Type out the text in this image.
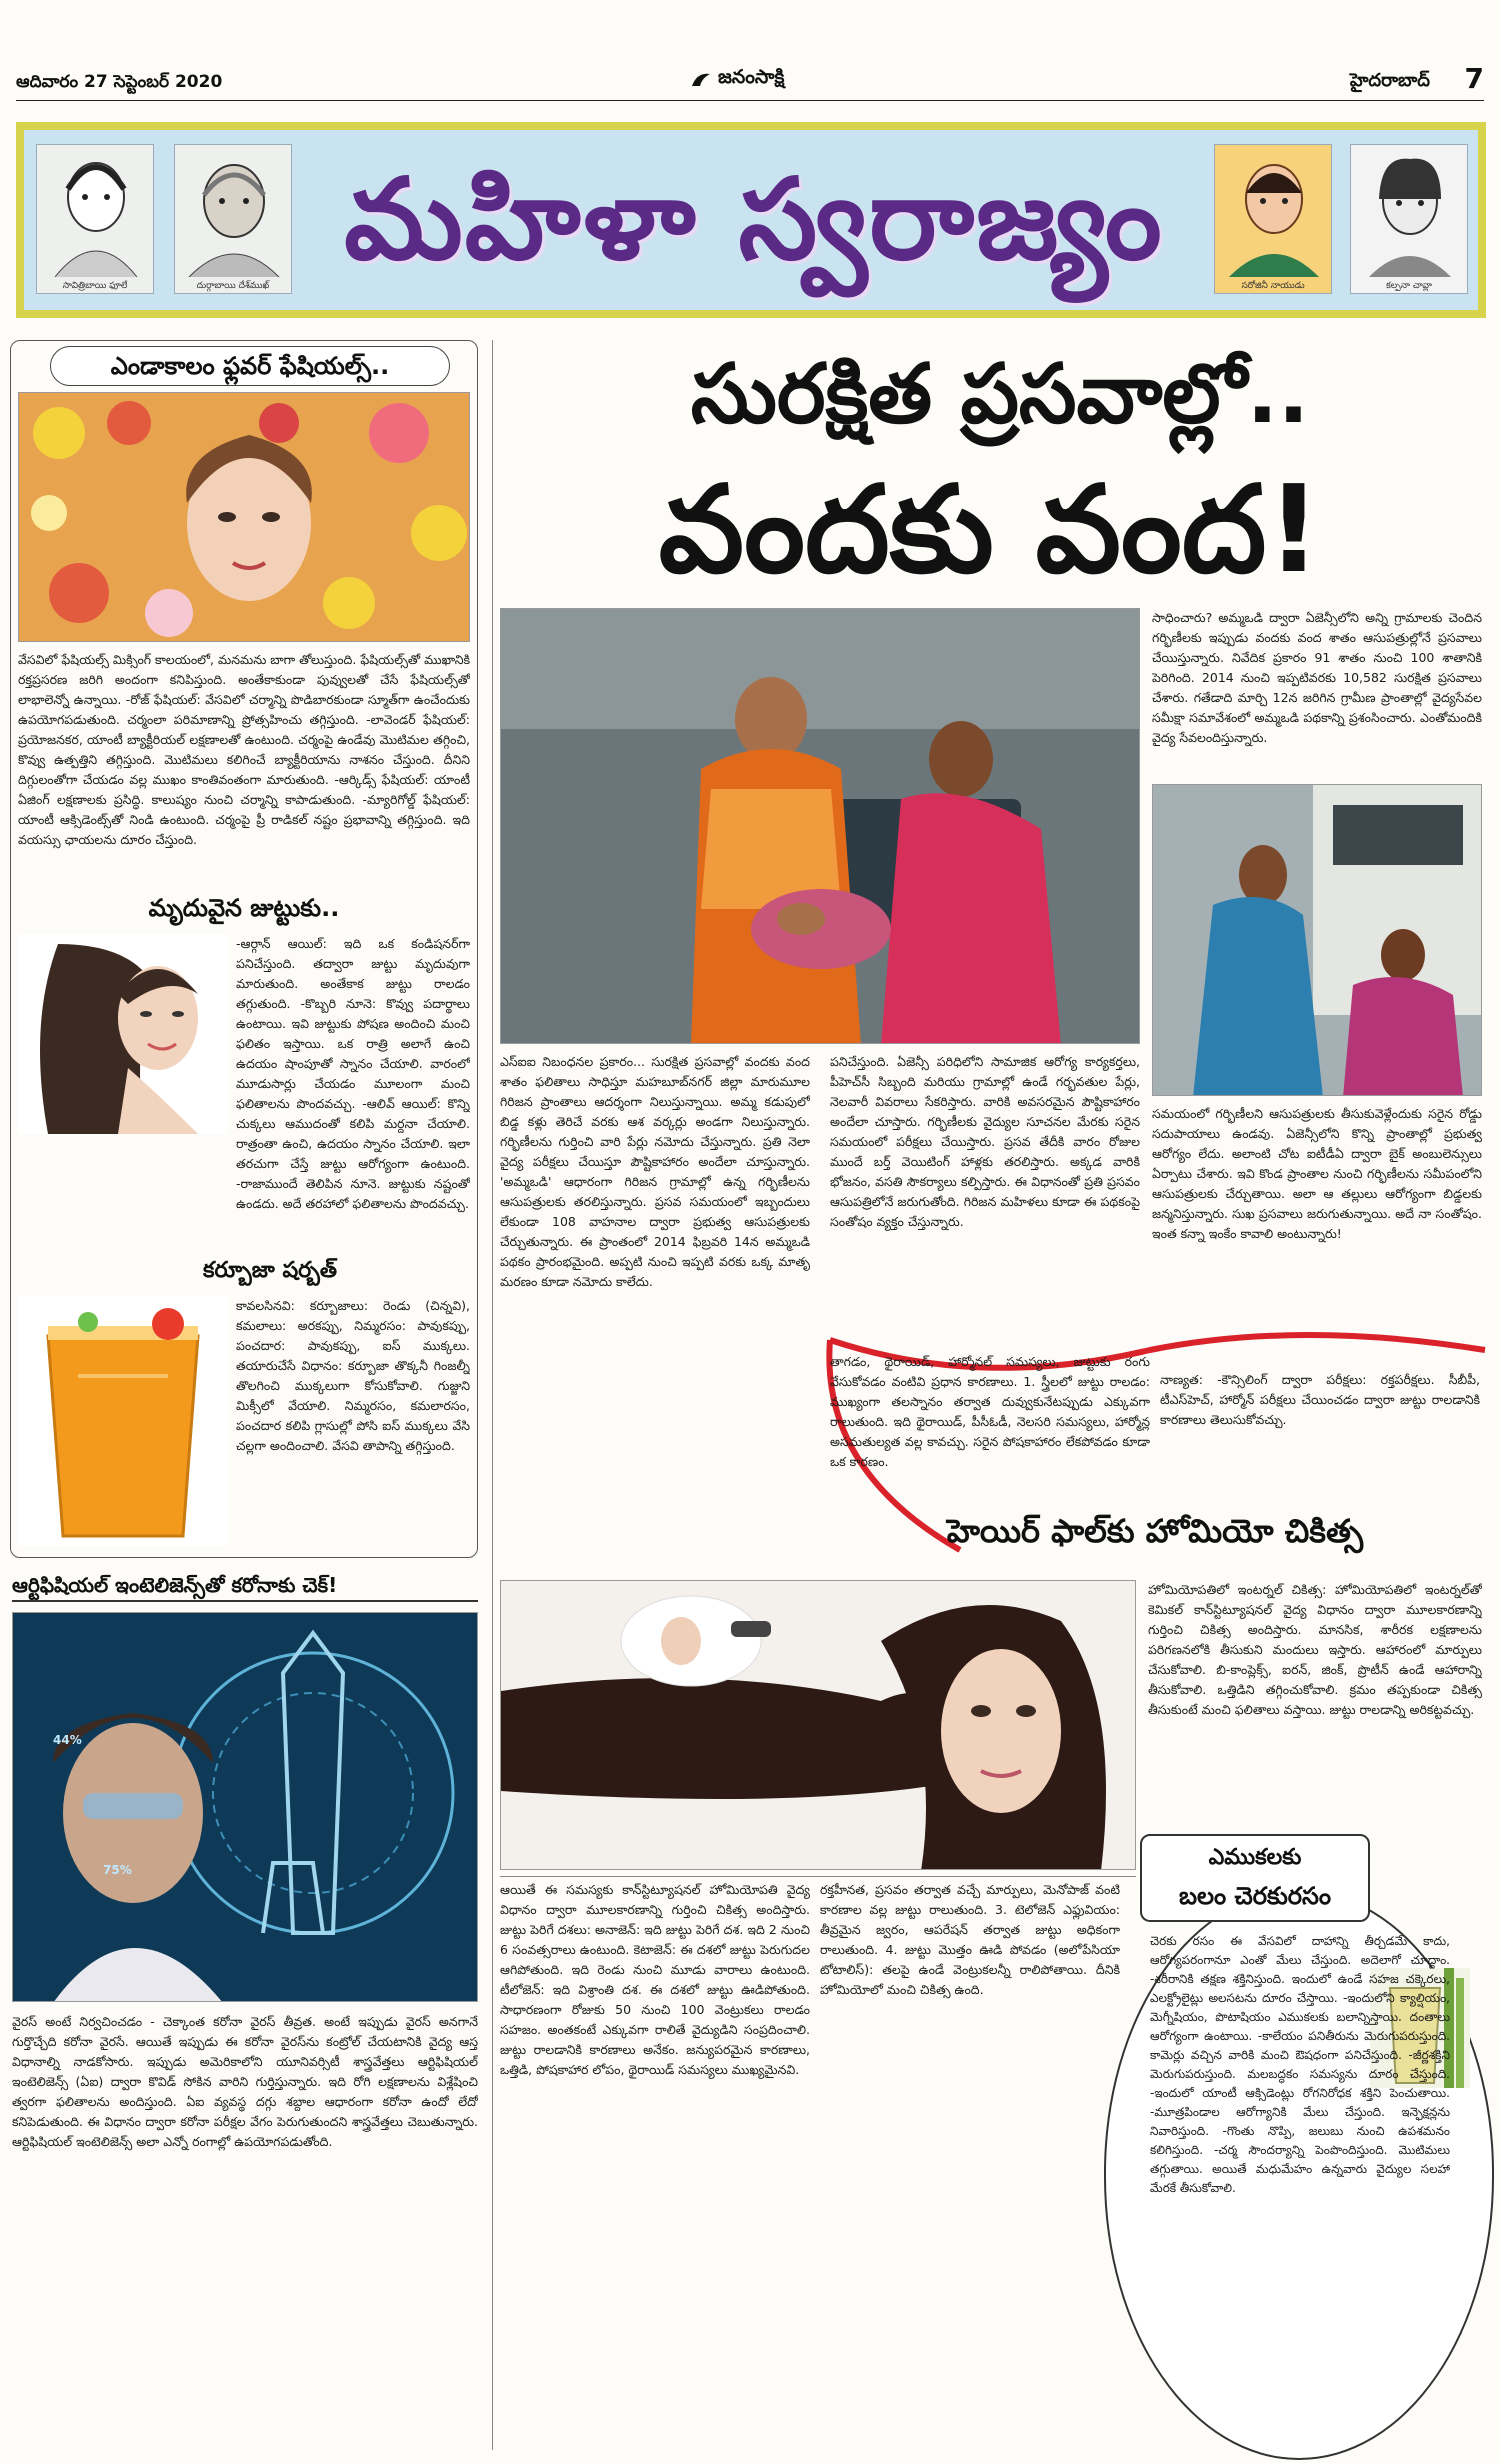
ఆదివారం 27 సెప్టెంబర్ 2020	జనంసాక్షి	హైదరాబాద్ 7
సావిత్రిబాయి ఫూలే	దుర్గాబాయి దేశ్‌ముఖ్
మహిళా స్వరాజ్యం
సరోజినీ నాయుడు	కల్పనా చావ్లా
ఎండాకాలం ఫ్లవర్ ఫేషియల్స్..
వేసవిలో ఫేషియల్స్ మిక్సింగ్ కాలయంలో, మనమను బాగా తోలుస్తుంది. ఫేషియల్స్‌తో ముఖానికి రక్తప్రసరణ జరిగి అందంగా కనిపిస్తుంది. అంతేకాకుండా పువ్వులతో చేసే ఫేషియల్స్‌తో లాభాలెన్నో ఉన్నాయి. -రోజ్ ఫేషియల్: వేసవిలో చర్మాన్ని పొడిబారకుండా స్మూత్‌గా ఉంచేందుకు ఉపయోగపడుతుంది. చర్మంలా పరిమాణాన్ని ప్రోత్సహించు తగ్గిస్తుంది. -లావెండర్ ఫేషియల్: ప్రయోజనకర, యాంటీ బ్యాక్టీరియల్ లక్షణాలతో ఉంటుంది. చర్మంపై ఉండేవు మొటిమల తగ్గించి, కొవ్వు ఉత్పత్తిని తగ్గిస్తుంది. మొటిమలు కలిగించే బ్యాక్టీరియాను నాశనం చేస్తుంది. దీనిని దిగ్గులంతోగా చేయడం వల్ల ముఖం కాంతివంతంగా మారుతుంది. -ఆర్కిడ్స్ ఫేషియల్: యాంటీ ఏజింగ్ లక్షణాలకు ప్రసిద్ధి. కాలుష్యం నుంచి చర్మాన్ని కాపాడుతుంది. -మ్యారిగోల్డ్ ఫేషియల్: యాంటీ ఆక్సిడెంట్స్‌తో నిండి ఉంటుంది. చర్మంపై ప్రీ రాడికల్ నష్టం ప్రభావాన్ని తగ్గిస్తుంది. ఇది వయస్సు ఛాయలను దూరం చేస్తుంది.
మృదువైన జుట్టుకు..
-ఆర్గాన్ ఆయిల్: ఇది ఒక కండిషనర్‌గా పనిచేస్తుంది. తద్వారా జుట్టు మృదువుగా మారుతుంది. అంతేకాక జుట్టు రాలడం తగ్గుతుంది. -కొబ్బరి నూనె: కొవ్వు పదార్థాలు ఉంటాయి. ఇవి జుట్టుకు పోషణ అందించి మంచి ఫలితం ఇస్తాయి. ఒక రాత్రి అలాగే ఉంచి ఉదయం షాంపూతో స్నానం చేయాలి. వారంలో మూడుసార్లు చేయడం మూలంగా మంచి ఫలితాలను పొందవచ్చు. -ఆలివ్ ఆయిల్: కొన్ని చుక్కలు ఆముదంతో కలిపి మర్దనా చేయాలి. రాత్రంతా ఉంచి, ఉదయం స్నానం చేయాలి. ఇలా తరచుగా చేస్తే జుట్టు ఆరోగ్యంగా ఉంటుంది. -రాజాముందే తెలిపిన నూనె. జుట్టుకు నష్టంతో ఉండదు. అదే తరహాలో ఫలితాలను పొందవచ్చు.
కర్బూజా షర్బత్
కావలసినవి: కర్బూజాలు: రెండు (చిన్నవి), కమలాలు: అరకప్పు, నిమ్మరసం: పావుకప్పు, పంచదార: పావుకప్పు, ఐస్ ముక్కలు. తయారుచేసే విధానం: కర్బూజా తొక్కనీ గింజల్నీ తొలగించి ముక్కలుగా కోసుకోవాలి. గుజ్జుని మిక్సీలో వేయాలి. నిమ్మరసం, కమలారసం, పంచదార కలిపి గ్లాసుల్లో పోసి ఐస్ ముక్కలు వేసి చల్లగా అందించాలి. వేసవి తాపాన్ని తగ్గిస్తుంది.
ఆర్టిఫిషియల్ ఇంటెలిజెన్స్‌తో కరోనాకు చెక్!
44%
75%
వైరస్ అంటే నిర్వచించడం - చెక్కాంత కరోనా వైరస్ తీవ్రత. అంటే ఇప్పుడు వైరస్ అనగానే గుర్తొచ్చేది కరోనా వైరసే. ఆయితే ఇప్పుడు ఈ కరోనా వైరస్‌ను కంట్రోల్ చేయటానికి వైద్య ఆస్త విధానాల్ని నాడకోసారు. ఇప్పుడు అమెరికాలోని యూనివర్సిటీ శాస్త్రవేత్తలు ఆర్టిఫిషియల్ ఇంటెలిజెన్స్ (ఏఐ) ద్వారా కొవిడ్ సోకిన వారిని గుర్తిస్తున్నారు. ఇది రోగి లక్షణాలను విశ్లేషించి త్వరగా ఫలితాలను అందిస్తుంది. ఏఐ వ్యవస్థ దగ్గు శబ్దాల ఆధారంగా కరోనా ఉందో లేదో కనిపెడుతుంది. ఈ విధానం ద్వారా కరోనా పరీక్షల వేగం పెరుగుతుందని శాస్త్రవేత్తలు చెబుతున్నారు. ఆర్టిఫిషియల్ ఇంటెలిజెన్స్ అలా ఎన్నో రంగాల్లో ఉపయోగపడుతోంది.
సురక్షిత ప్రసవాల్లో..
వందకు వంద!
ఎస్‌ఐఐ నిబంధనల ప్రకారం... సురక్షిత ప్రసవాల్లో వందకు వంద శాతం ఫలితాలు సాధిస్తూ మహబూబ్‌నగర్ జిల్లా మారుమూల గిరిజన ప్రాంతాలు ఆదర్శంగా నిలుస్తున్నాయి. అమ్మ కడుపులో బిడ్డ కళ్లు తెరిచే వరకు ఆశ వర్కర్లు అండగా నిలుస్తున్నారు. గర్భిణీలను గుర్తించి వారి పేర్లు నమోదు చేస్తున్నారు. ప్రతి నెలా వైద్య పరీక్షలు చేయిస్తూ పౌష్టికాహారం అందేలా చూస్తున్నారు. 'అమ్మఒడి' ఆధారంగా గిరిజన గ్రామాల్లో ఉన్న గర్భిణీలను ఆసుపత్రులకు తరలిస్తున్నారు. ప్రసవ సమయంలో ఇబ్బందులు లేకుండా 108 వాహనాల ద్వారా ప్రభుత్వ ఆసుపత్రులకు చేర్చుతున్నారు. ఈ ప్రాంతంలో 2014 ఫిబ్రవరి 14న అమ్మఒడి పథకం ప్రారంభమైంది. అప్పటి నుంచి ఇప్పటి వరకు ఒక్క మాతృ మరణం కూడా నమోదు కాలేదు.
పనిచేస్తుంది. ఏజెన్సీ పరిధిలోని సామాజిక ఆరోగ్య కార్యకర్తలు, పీహెచ్‌సీ సిబ్బంది మరియు గ్రామాల్లో ఉండే గర్భవతుల పేర్లు, నెలవారీ వివరాలు సేకరిస్తారు. వారికి అవసరమైన పౌష్టికాహారం అందేలా చూస్తారు. గర్భిణీలకు వైద్యుల సూచనల మేరకు సరైన సమయంలో పరీక్షలు చేయిస్తారు. ప్రసవ తేదీకి వారం రోజుల ముందే బర్త్ వెయిటింగ్ హాళ్లకు తరలిస్తారు. అక్కడ వారికి భోజనం, వసతి సౌకర్యాలు కల్పిస్తారు. ఈ విధానంతో ప్రతి ప్రసవం ఆసుపత్రిలోనే జరుగుతోంది. గిరిజన మహిళలు కూడా ఈ పథకంపై సంతోషం వ్యక్తం చేస్తున్నారు.
సాధించారు? అమ్మఒడి ద్వారా ఏజెన్సీలోని అన్ని గ్రామాలకు చెందిన గర్భిణీలకు ఇప్పుడు వందకు వంద శాతం ఆసుపత్రుల్లోనే ప్రసవాలు చేయిస్తున్నారు. నివేదిక ప్రకారం 91 శాతం నుంచి 100 శాతానికి పెరిగింది. 2014 నుంచి ఇప్పటివరకు 10,582 సురక్షిత ప్రసవాలు చేశారు. గతేడాది మార్చి 12న జరిగిన గ్రామీణ ప్రాంతాల్లో వైద్యసేవల సమీక్షా సమావేశంలో అమ్మఒడి పథకాన్ని ప్రశంసించారు. ఎంతోమందికి వైద్య సేవలందిస్తున్నారు.
సమయంలో గర్భిణీలని ఆసుపత్రులకు తీసుకువెళ్లేందుకు సరైన రోడ్డు సదుపాయాలు ఉండవు. ఏజెన్సీలోని కొన్ని ప్రాంతాల్లో ప్రభుత్వ ఆరోగ్యం లేదు. అలాంటి చోట ఐటీడీఏ ద్వారా బైక్ అంబులెన్సులు ఏర్పాటు చేశారు. ఇవి కొండ ప్రాంతాల నుంచి గర్భిణీలను సమీపంలోని ఆసుపత్రులకు చేర్చుతాయి. అలా ఆ తల్లులు ఆరోగ్యంగా బిడ్డలకు జన్మనిస్తున్నారు. సుఖ ప్రసవాలు జరుగుతున్నాయి. అదే నా సంతోషం. ఇంత కన్నా ఇంకేం కావాలి అంటున్నారు!
తాగడం, థైరాయిడ్, హార్మోనల్ సమస్యలు, జుట్టుకు రంగు వేసుకోవడం వంటివి ప్రధాన కారణాలు. 1. స్త్రీలలో జుట్టు రాలడం: ముఖ్యంగా తలస్నానం తర్వాత దువ్వుకునేటప్పుడు ఎక్కువగా రాలుతుంది. ఇది థైరాయిడ్, పీసీఓడీ, నెలసరి సమస్యలు, హార్మోన్ల అసమతుల్యత వల్ల కావచ్చు. సరైన పోషకాహారం లేకపోవడం కూడా ఒక కారణం.
నాణ్యత: -కౌన్సిలింగ్ ద్వారా పరీక్షలు: రక్తపరీక్షలు. సీబీపీ, టీఎస్‌హెచ్, హార్మోన్ పరీక్షలు చేయించడం ద్వారా జుట్టు రాలడానికి కారణాలు తెలుసుకోవచ్చు.
హెయిర్ ఫాల్‌కు హోమియో చికిత్స
హోమియోపతిలో ఇంటర్నల్ చికిత్స: హోమియోపతిలో ఇంటర్నల్‌తో కెమికల్ కాన్‌స్టిట్యూషనల్ వైద్య విధానం ద్వారా మూలకారణాన్ని గుర్తించి చికిత్స అందిస్తారు. మానసిక, శారీరక లక్షణాలను పరిగణనలోకి తీసుకుని మందులు ఇస్తారు. ఆహారంలో మార్పులు చేసుకోవాలి. బి-కాంప్లెక్స్, ఐరన్, జింక్, ప్రొటీన్ ఉండే ఆహారాన్ని తీసుకోవాలి. ఒత్తిడిని తగ్గించుకోవాలి. క్రమం తప్పకుండా చికిత్స తీసుకుంటే మంచి ఫలితాలు వస్తాయి. జుట్టు రాలడాన్ని అరికట్టవచ్చు.
ఆయితే ఈ సమస్యకు కాన్‌స్టిట్యూషనల్ హోమియోపతి వైద్య విధానం ద్వారా మూలకారణాన్ని గుర్తించి చికిత్స అందిస్తారు. జుట్టు పెరిగే దశలు: అనాజెన్: ఇది జుట్టు పెరిగే దశ. ఇది 2 నుంచి 6 సంవత్సరాలు ఉంటుంది. కెటాజెన్: ఈ దశలో జుట్టు పెరుగుదల ఆగిపోతుంది. ఇది రెండు నుంచి మూడు వారాలు ఉంటుంది. టీలోజెన్: ఇది విశ్రాంతి దశ. ఈ దశలో జుట్టు ఊడిపోతుంది. సాధారణంగా రోజుకు 50 నుంచి 100 వెంట్రుకలు రాలడం సహజం. అంతకంటే ఎక్కువగా రాలితే వైద్యుడిని సంప్రదించాలి. జుట్టు రాలడానికి కారణాలు అనేకం. జన్యుపరమైన కారణాలు, ఒత్తిడి, పోషకాహార లోపం, థైరాయిడ్ సమస్యలు ముఖ్యమైనవి.
రక్తహీనత, ప్రసవం తర్వాత వచ్చే మార్పులు, మెనోపాజ్ వంటి కారణాల వల్ల జుట్టు రాలుతుంది. 3. టెలోజెన్ ఎఫ్లువియం: తీవ్రమైన జ్వరం, ఆపరేషన్ తర్వాత జుట్టు అధికంగా రాలుతుంది. 4. జుట్టు మొత్తం ఊడి పోవడం (అలోపేసియా టోటాలిస్): తలపై ఉండే వెంట్రుకలన్నీ రాలిపోతాయి. దీనికి హోమియోలో మంచి చికిత్స ఉంది.
ఎముకలకు
బలం చెరకురసం
చెరకు రసం ఈ వేసవిలో దాహాన్ని తీర్చడమే కాదు, ఆరోగ్యపరంగానూ ఎంతో మేలు చేస్తుంది. అదెలాగో చూద్దాం. -శరీరానికి తక్షణ శక్తినిస్తుంది. ఇందులో ఉండే సహజ చక్కెరలు, ఎలక్ట్రోలైట్లు అలసటను దూరం చేస్తాయి. -ఇందులోని క్యాల్షియం, మెగ్నీషియం, పొటాషియం ఎముకలకు బలాన్నిస్తాయి. దంతాలు ఆరోగ్యంగా ఉంటాయి. -కాలేయం పనితీరును మెరుగుపరుస్తుంది. కామెర్లు వచ్చిన వారికి మంచి ఔషధంగా పనిచేస్తుంది. -జీర్ణశక్తిని మెరుగుపరుస్తుంది. మలబద్ధకం సమస్యను దూరం చేస్తుంది. -ఇందులో యాంటీ ఆక్సిడెంట్లు రోగనిరోధక శక్తిని పెంచుతాయి. -మూత్రపిండాల ఆరోగ్యానికి మేలు చేస్తుంది. ఇన్ఫెక్షన్లను నివారిస్తుంది. -గొంతు నొప్పి, జలుబు నుంచి ఉపశమనం కలిగిస్తుంది. -చర్మ సౌందర్యాన్ని పెంపొందిస్తుంది. మొటిమలు తగ్గుతాయి. అయితే మధుమేహం ఉన్నవారు వైద్యుల సలహా మేరకే తీసుకోవాలి.
